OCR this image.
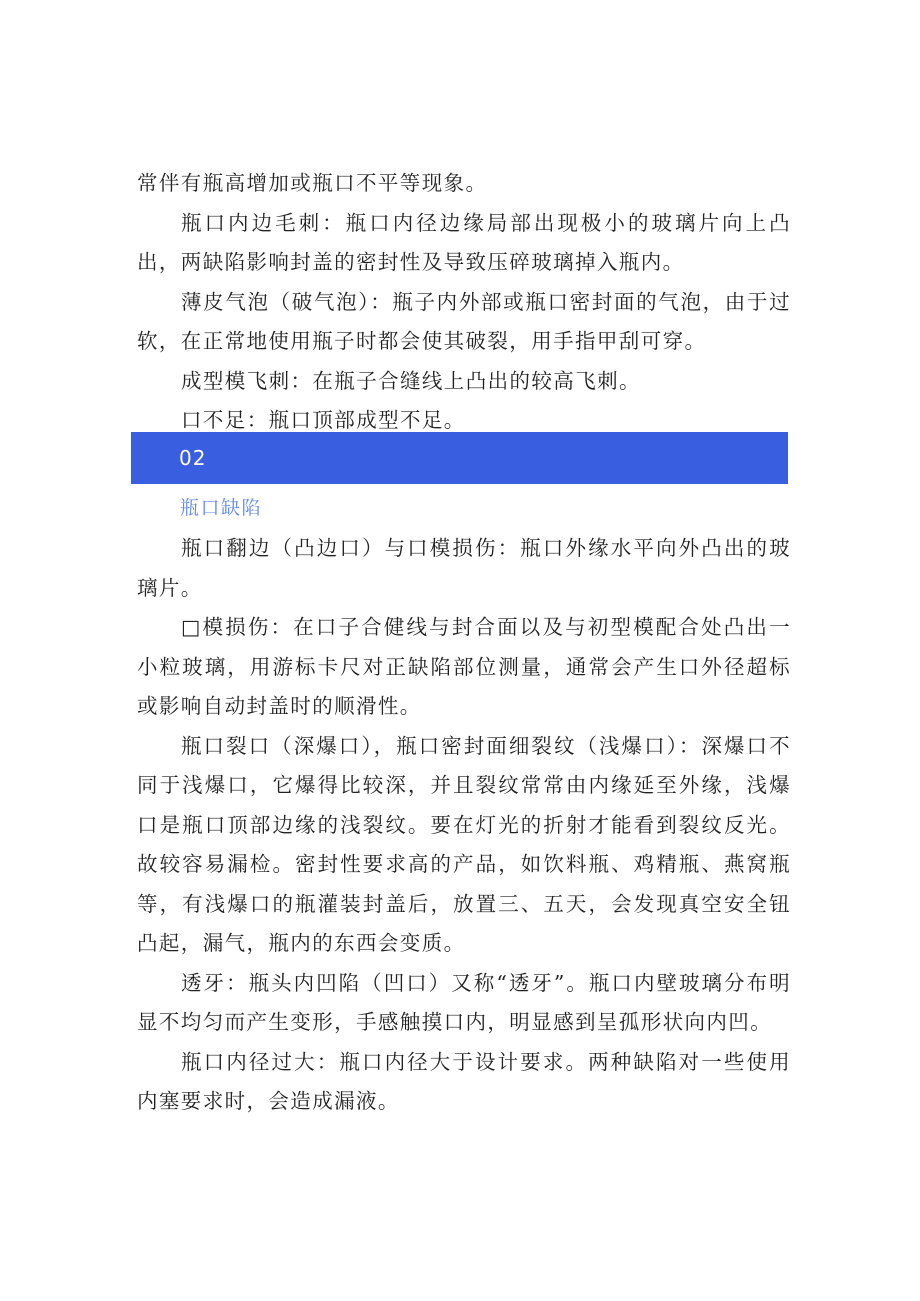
常伴有瓶高增加或瓶口不平等现象。

瓶口内边毛刺：瓶口内径边缘局部出现极小的玻璃片向上凸出，两缺陷影响封盖的密封性及导致压碎玻璃掉入瓶内。

薄皮气泡（破气泡）：瓶子内外部或瓶口密封面的气泡，由于过软，在正常地使用瓶子时都会使其破裂，用手指甲刮可穿。

成型模飞刺：在瓶子合缝线上凸出的较高飞刺。

口不足：瓶口顶部成型不足。

02
瓶口缺陷

瓶口翻边（凸边口）与口模损伤：瓶口外缘水平向外凸出的玻璃片。

□模损伤：在口子合健线与封合面以及与初型模配合处凸出一小粒玻璃，用游标卡尺对正缺陷部位测量，通常会产生口外径超标或影响自动封盖时的顺滑性。

瓶口裂口（深爆口），瓶口密封面细裂纹（浅爆口）：深爆口不同于浅爆口，它爆得比较深，并且裂纹常常由内缘延至外缘，浅爆口是瓶口顶部边缘的浅裂纹。要在灯光的折射才能看到裂纹反光。故较容易漏检。密封性要求高的产品，如饮料瓶、鸡精瓶、燕窝瓶等，有浅爆口的瓶灌装封盖后，放置三、五天，会发现真空安全钮凸起，漏气，瓶内的东西会变质。

透牙：瓶头内凹陷（凹口）又称“透牙”。瓶口内壁玻璃分布明显不均匀而产生变形，手感触摸口内，明显感到呈孤形状向内凹。

瓶口内径过大：瓶口内径大于设计要求。两种缺陷对一些使用内塞要求时，会造成漏液。
